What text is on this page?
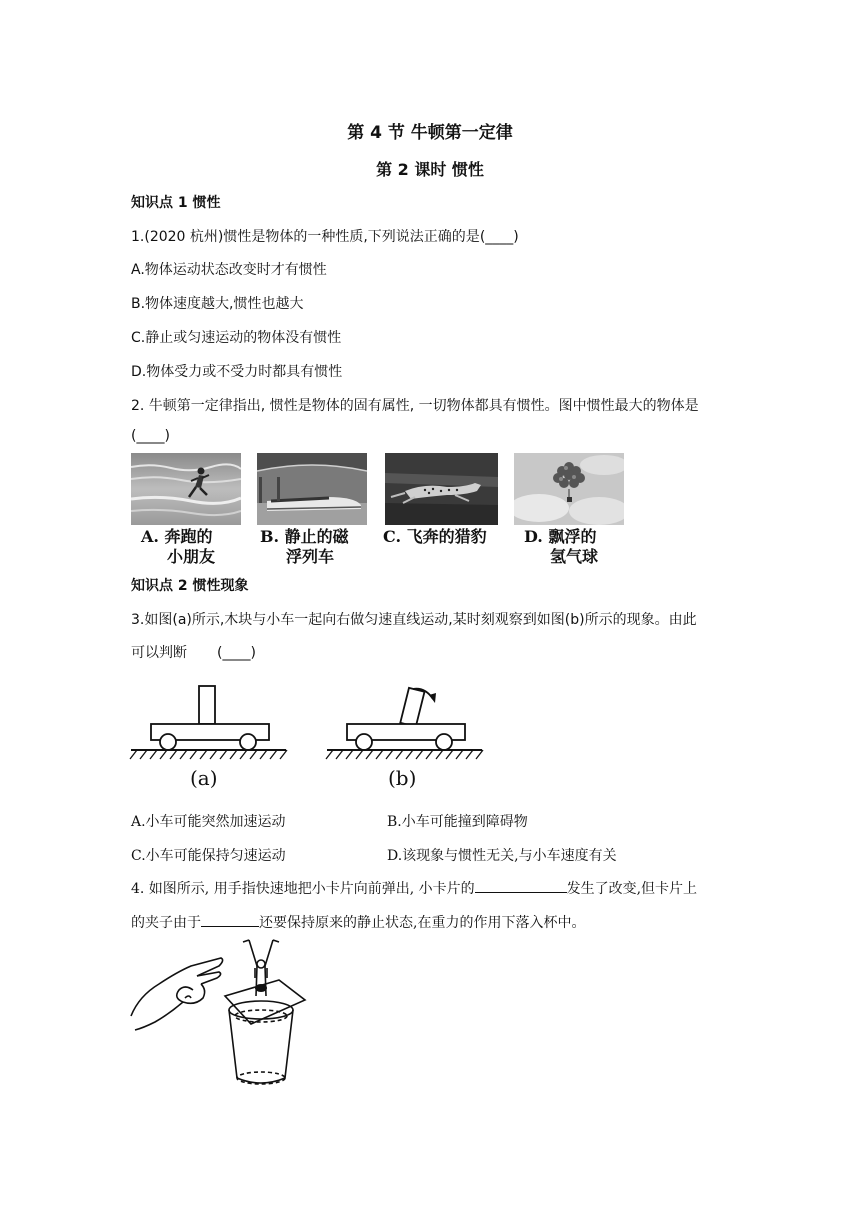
第 4 节 牛顿第一定律
第 2 课时 惯性
知识点 1 惯性
1.(2020 杭州)惯性是物体的一种性质,下列说法正确的是(____)
A.物体运动状态改变时才有惯性
B.物体速度越大,惯性也越大
C.静止或匀速运动的物体没有惯性
D.物体受力或不受力时都具有惯性
2. 牛顿第一定律指出, 惯性是物体的固有属性, 一切物体都具有惯性。图中惯性最大的物体是
(____)
A. 奔跑的
小朋友
B. 静止的磁
浮列车
C. 飞奔的猎豹 D. 飘浮的
氢气球
知识点 2 惯性现象
3.如图(a)所示,木块与小车一起向右做匀速直线运动,某时刻观察到如图(b)所示的现象。由此
可以判断 (____)
(a)	(b)
A.小车可能突然加速运动	B.小车可能撞到障碍物
C.小车可能保持匀速运动	D.该现象与惯性无关,与小车速度有关
4. 如图所示, 用手指快速地把小卡片向前弹出, 小卡片的	发生了改变,但卡片上
的夹子由于	还要保持原来的静止状态,在重力的作用下落入杯中。
